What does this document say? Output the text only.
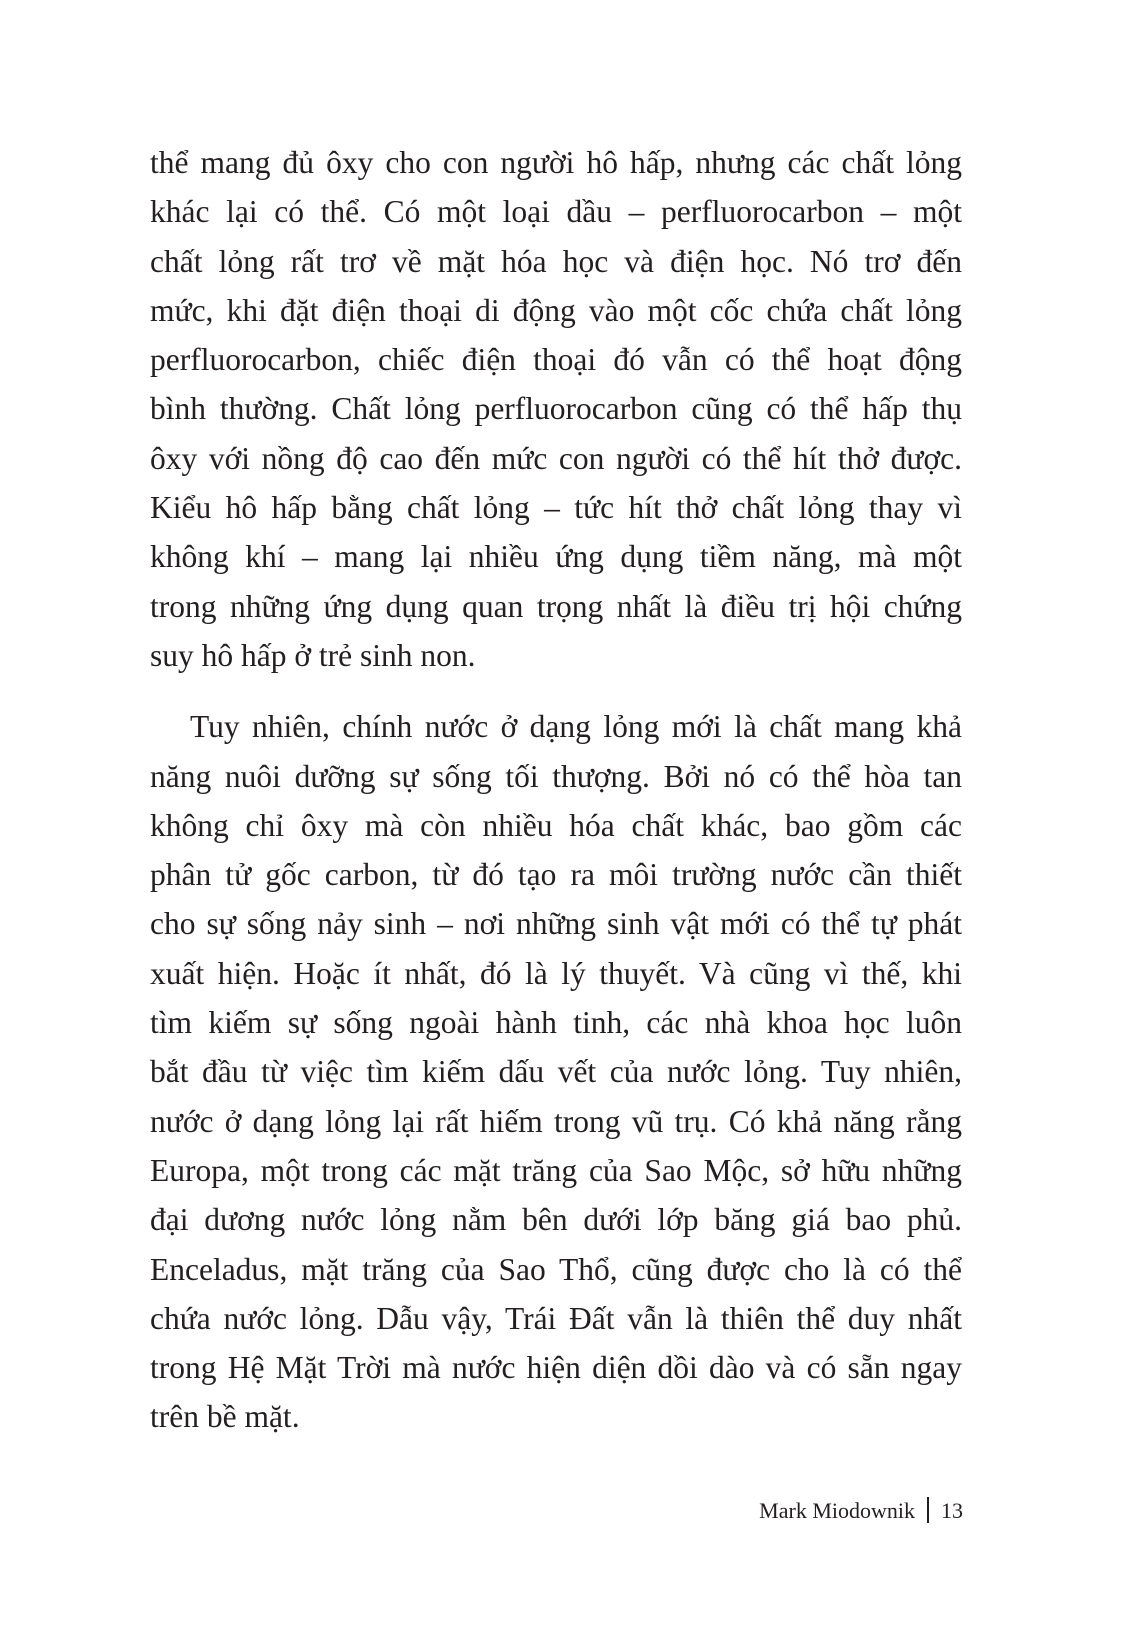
thể mang đủ ôxy cho con người hô hấp, nhưng các chất lỏng
khác lại có thể. Có một loại dầu – perfluorocarbon – một
chất lỏng rất trơ về mặt hóa học và điện học. Nó trơ đến
mức, khi đặt điện thoại di động vào một cốc chứa chất lỏng
perfluorocarbon, chiếc điện thoại đó vẫn có thể hoạt động
bình thường. Chất lỏng perfluorocarbon cũng có thể hấp thụ
ôxy với nồng độ cao đến mức con người có thể hít thở được.
Kiểu hô hấp bằng chất lỏng – tức hít thở chất lỏng thay vì
không khí – mang lại nhiều ứng dụng tiềm năng, mà một
trong những ứng dụng quan trọng nhất là điều trị hội chứng
suy hô hấp ở trẻ sinh non.

Tuy nhiên, chính nước ở dạng lỏng mới là chất mang khả
năng nuôi dưỡng sự sống tối thượng. Bởi nó có thể hòa tan
không chỉ ôxy mà còn nhiều hóa chất khác, bao gồm các
phân tử gốc carbon, từ đó tạo ra môi trường nước cần thiết
cho sự sống nảy sinh – nơi những sinh vật mới có thể tự phát
xuất hiện. Hoặc ít nhất, đó là lý thuyết. Và cũng vì thế, khi
tìm kiếm sự sống ngoài hành tinh, các nhà khoa học luôn
bắt đầu từ việc tìm kiếm dấu vết của nước lỏng. Tuy nhiên,
nước ở dạng lỏng lại rất hiếm trong vũ trụ. Có khả năng rằng
Europa, một trong các mặt trăng của Sao Mộc, sở hữu những
đại dương nước lỏng nằm bên dưới lớp băng giá bao phủ.
Enceladus, mặt trăng của Sao Thổ, cũng được cho là có thể
chứa nước lỏng. Dẫu vậy, Trái Đất vẫn là thiên thể duy nhất
trong Hệ Mặt Trời mà nước hiện diện dồi dào và có sẵn ngay
trên bề mặt.

Mark Miodownik 13
